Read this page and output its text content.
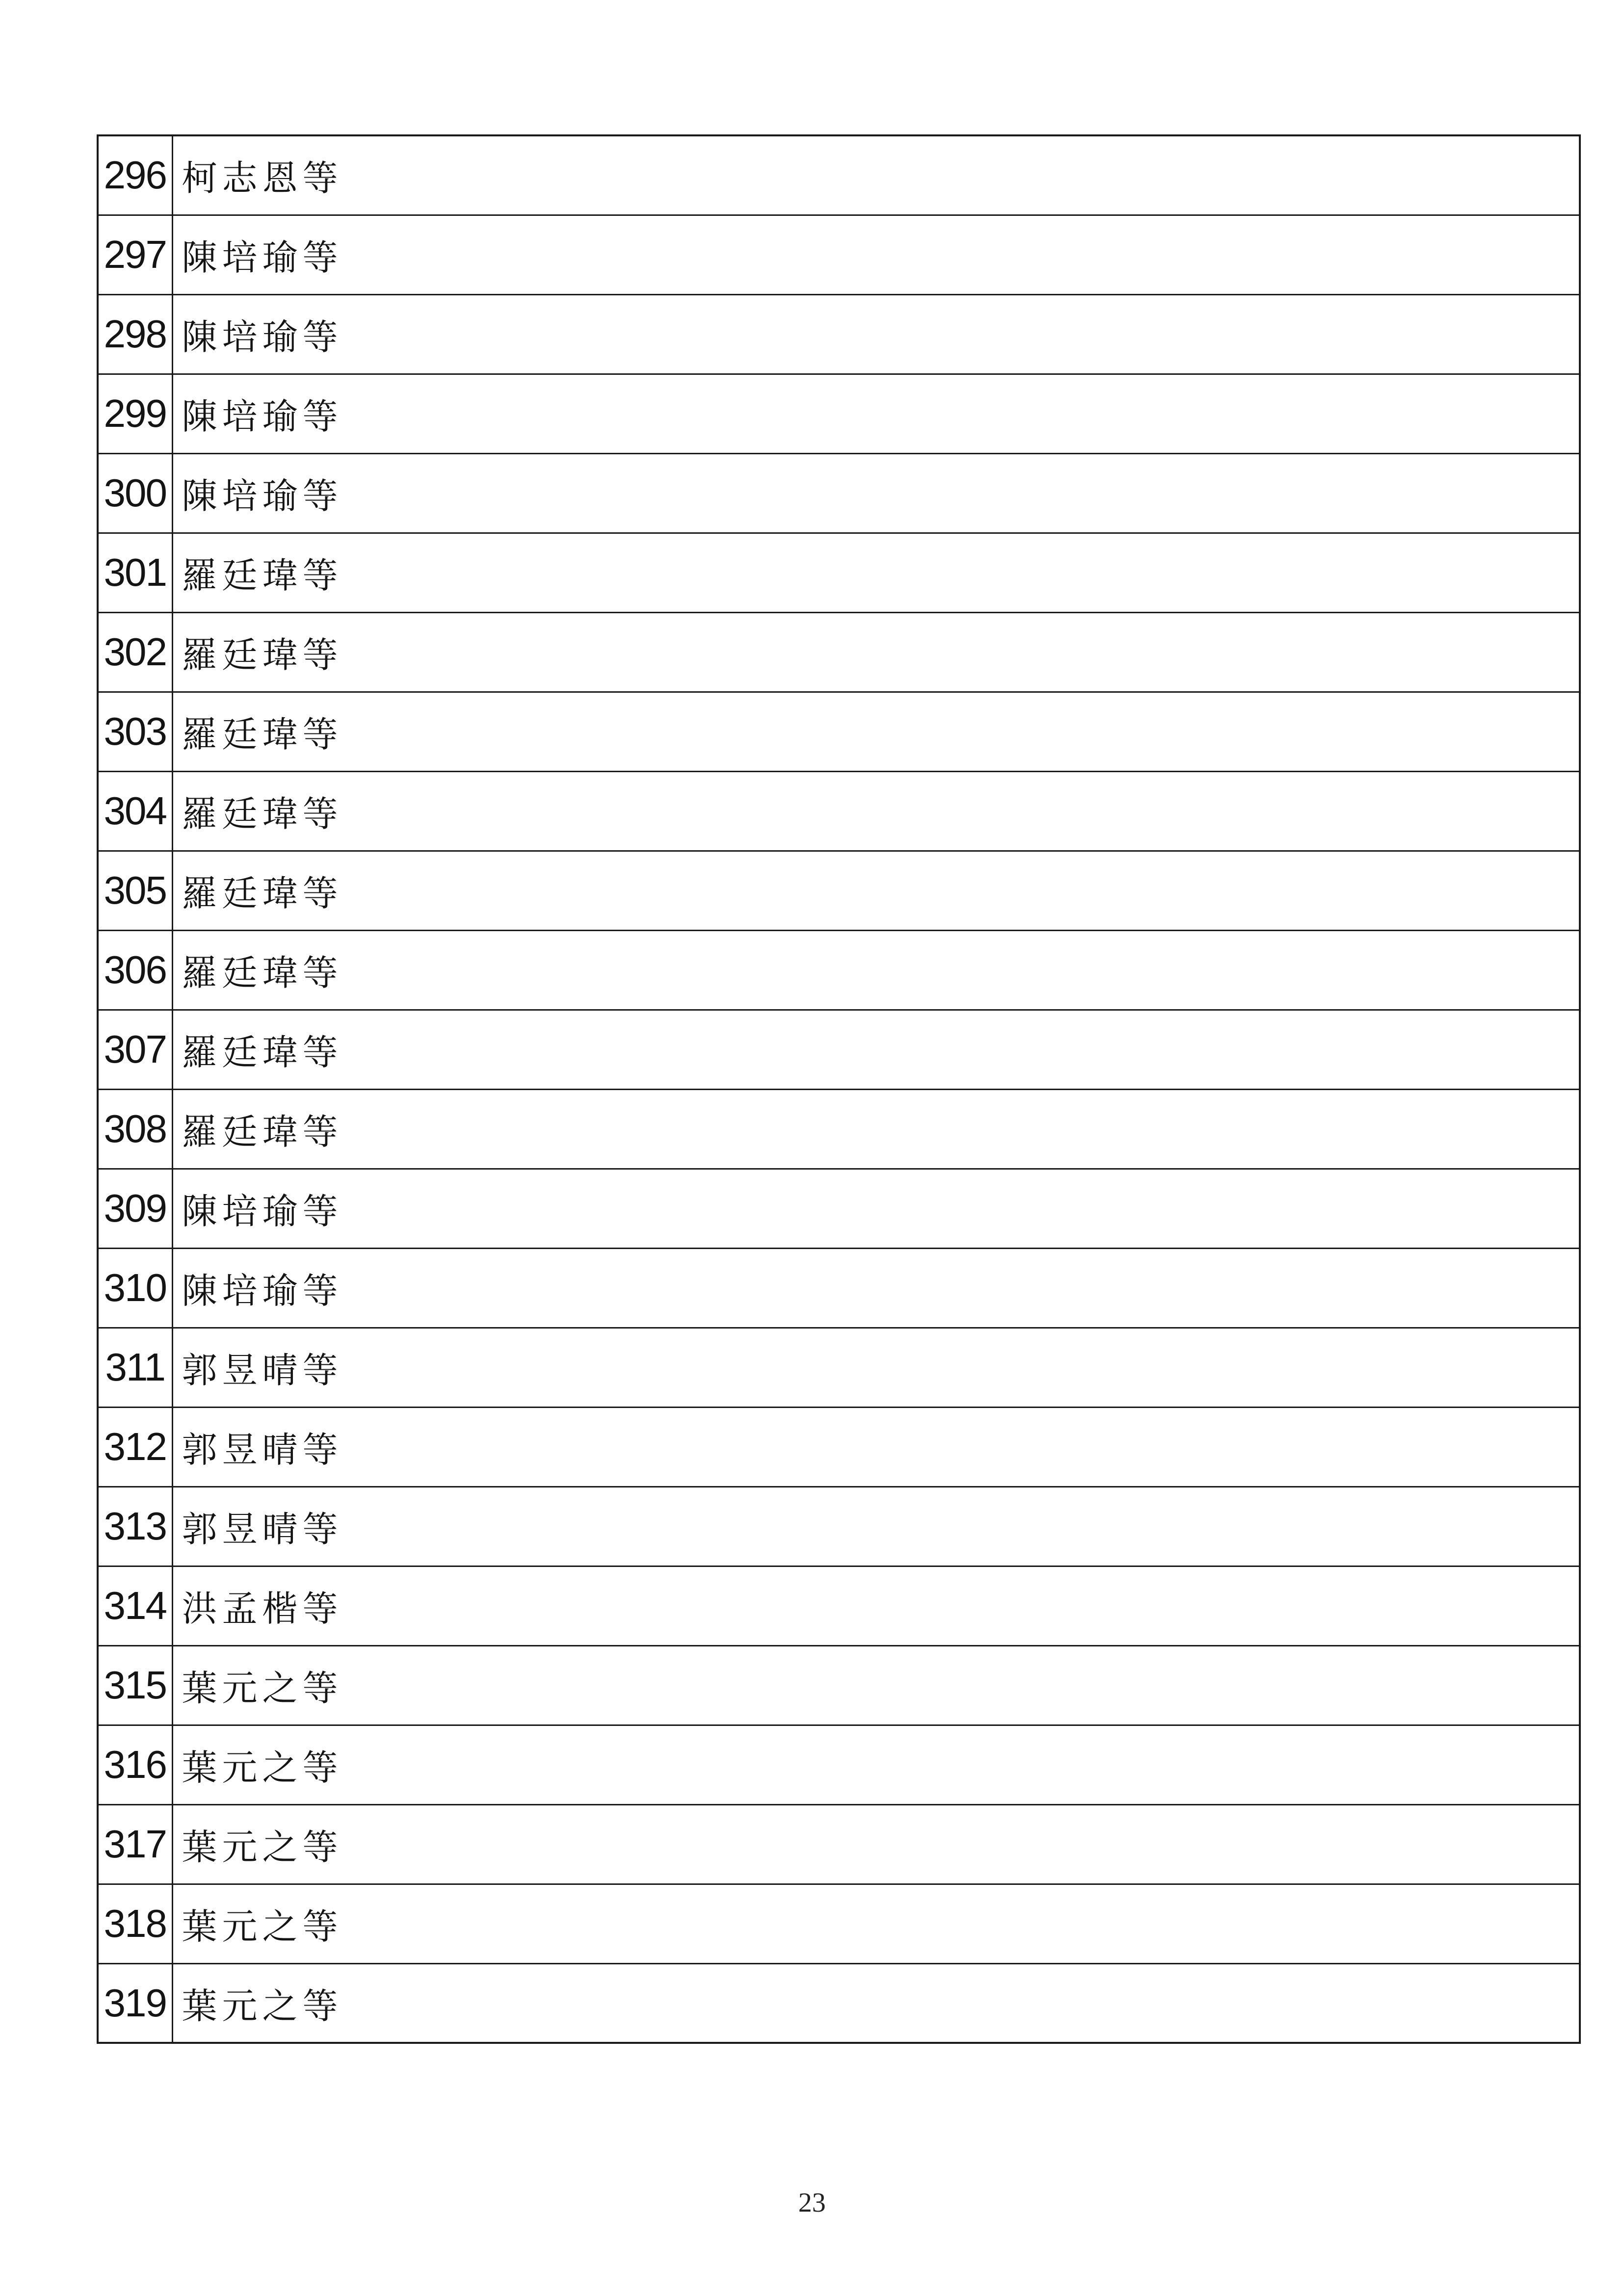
296	柯志恩等
297	陳培瑜等
298	陳培瑜等
299	陳培瑜等
300	陳培瑜等
301	羅廷瑋等
302	羅廷瑋等
303	羅廷瑋等
304	羅廷瑋等
305	羅廷瑋等
306	羅廷瑋等
307	羅廷瑋等
308	羅廷瑋等
309	陳培瑜等
310	陳培瑜等
311	郭昱晴等
312	郭昱晴等
313	郭昱晴等
314	洪孟楷等
315	葉元之等
316	葉元之等
317	葉元之等
318	葉元之等
319	葉元之等
23
